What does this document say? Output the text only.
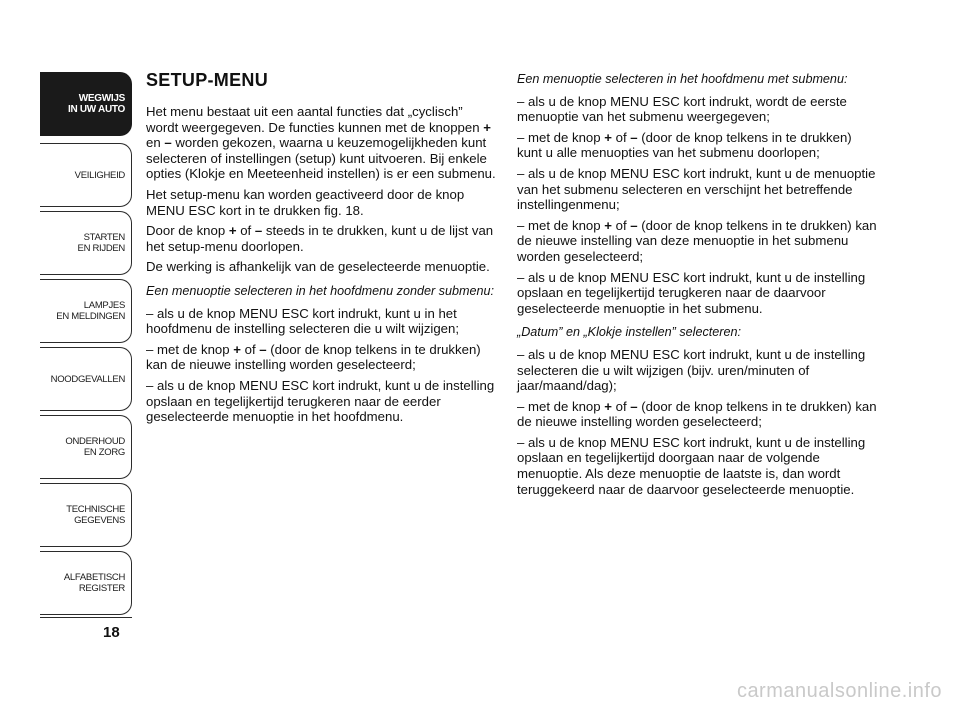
WEGWIJS
IN UW AUTO
VEILIGHEID
STARTEN
EN RIJDEN
LAMPJES
EN MELDINGEN
NOODGEVALLEN
ONDERHOUD
EN ZORG
TECHNISCHE
GEGEVENS
ALFABETISCH
REGISTER
18
SETUP-MENU

Het menu bestaat uit een aantal functies dat „cyclisch” wordt weergegeven. De functies kunnen met de knoppen + en – worden gekozen, waarna u keuzemogelijkheden kunt selecteren of instellingen (setup) kunt uitvoeren. Bij enkele opties (Klokje en Meeteenheid instellen) is er een submenu.

Het setup-menu kan worden geactiveerd door de knop MENU ESC kort in te drukken fig. 18.

Door de knop + of – steeds in te drukken, kunt u de lijst van het setup-menu doorlopen.

De werking is afhankelijk van de geselecteerde menuoptie.

Een menuoptie selecteren in het hoofdmenu zonder submenu:

– als u de knop MENU ESC kort indrukt, kunt u in het hoofdmenu de instelling selecteren die u wilt wijzigen;

– met de knop + of – (door de knop telkens in te drukken) kan de nieuwe instelling worden geselecteerd;

– als u de knop MENU ESC kort indrukt, kunt u de instelling opslaan en tegelijkertijd terugkeren naar de eerder geselecteerde menuoptie in het hoofdmenu.

Een menuoptie selecteren in het hoofdmenu met submenu:

– als u de knop MENU ESC kort indrukt, wordt de eerste menuoptie van het submenu weergegeven;

– met de knop + of – (door de knop telkens in te drukken) kunt u alle menuopties van het submenu doorlopen;

– als u de knop MENU ESC kort indrukt, kunt u de menuoptie van het submenu selecteren en verschijnt het betreffende instellingenmenu;

– met de knop + of – (door de knop telkens in te drukken) kan de nieuwe instelling van deze menuoptie in het submenu worden geselecteerd;

– als u de knop MENU ESC kort indrukt, kunt u de instelling opslaan en tegelijkertijd terugkeren naar de daarvoor geselecteerde menuoptie in het submenu.

„Datum” en „Klokje instellen” selecteren:

– als u de knop MENU ESC kort indrukt, kunt u de instelling selecteren die u wilt wijzigen (bijv. uren/minuten of jaar/maand/dag);

– met de knop + of – (door de knop telkens in te drukken) kan de nieuwe instelling worden geselecteerd;

– als u de knop MENU ESC kort indrukt, kunt u de instelling opslaan en tegelijkertijd doorgaan naar de volgende menuoptie. Als deze menuoptie de laatste is, dan wordt teruggekeerd naar de daarvoor geselecteerde menuoptie.

carmanualsonline.info
